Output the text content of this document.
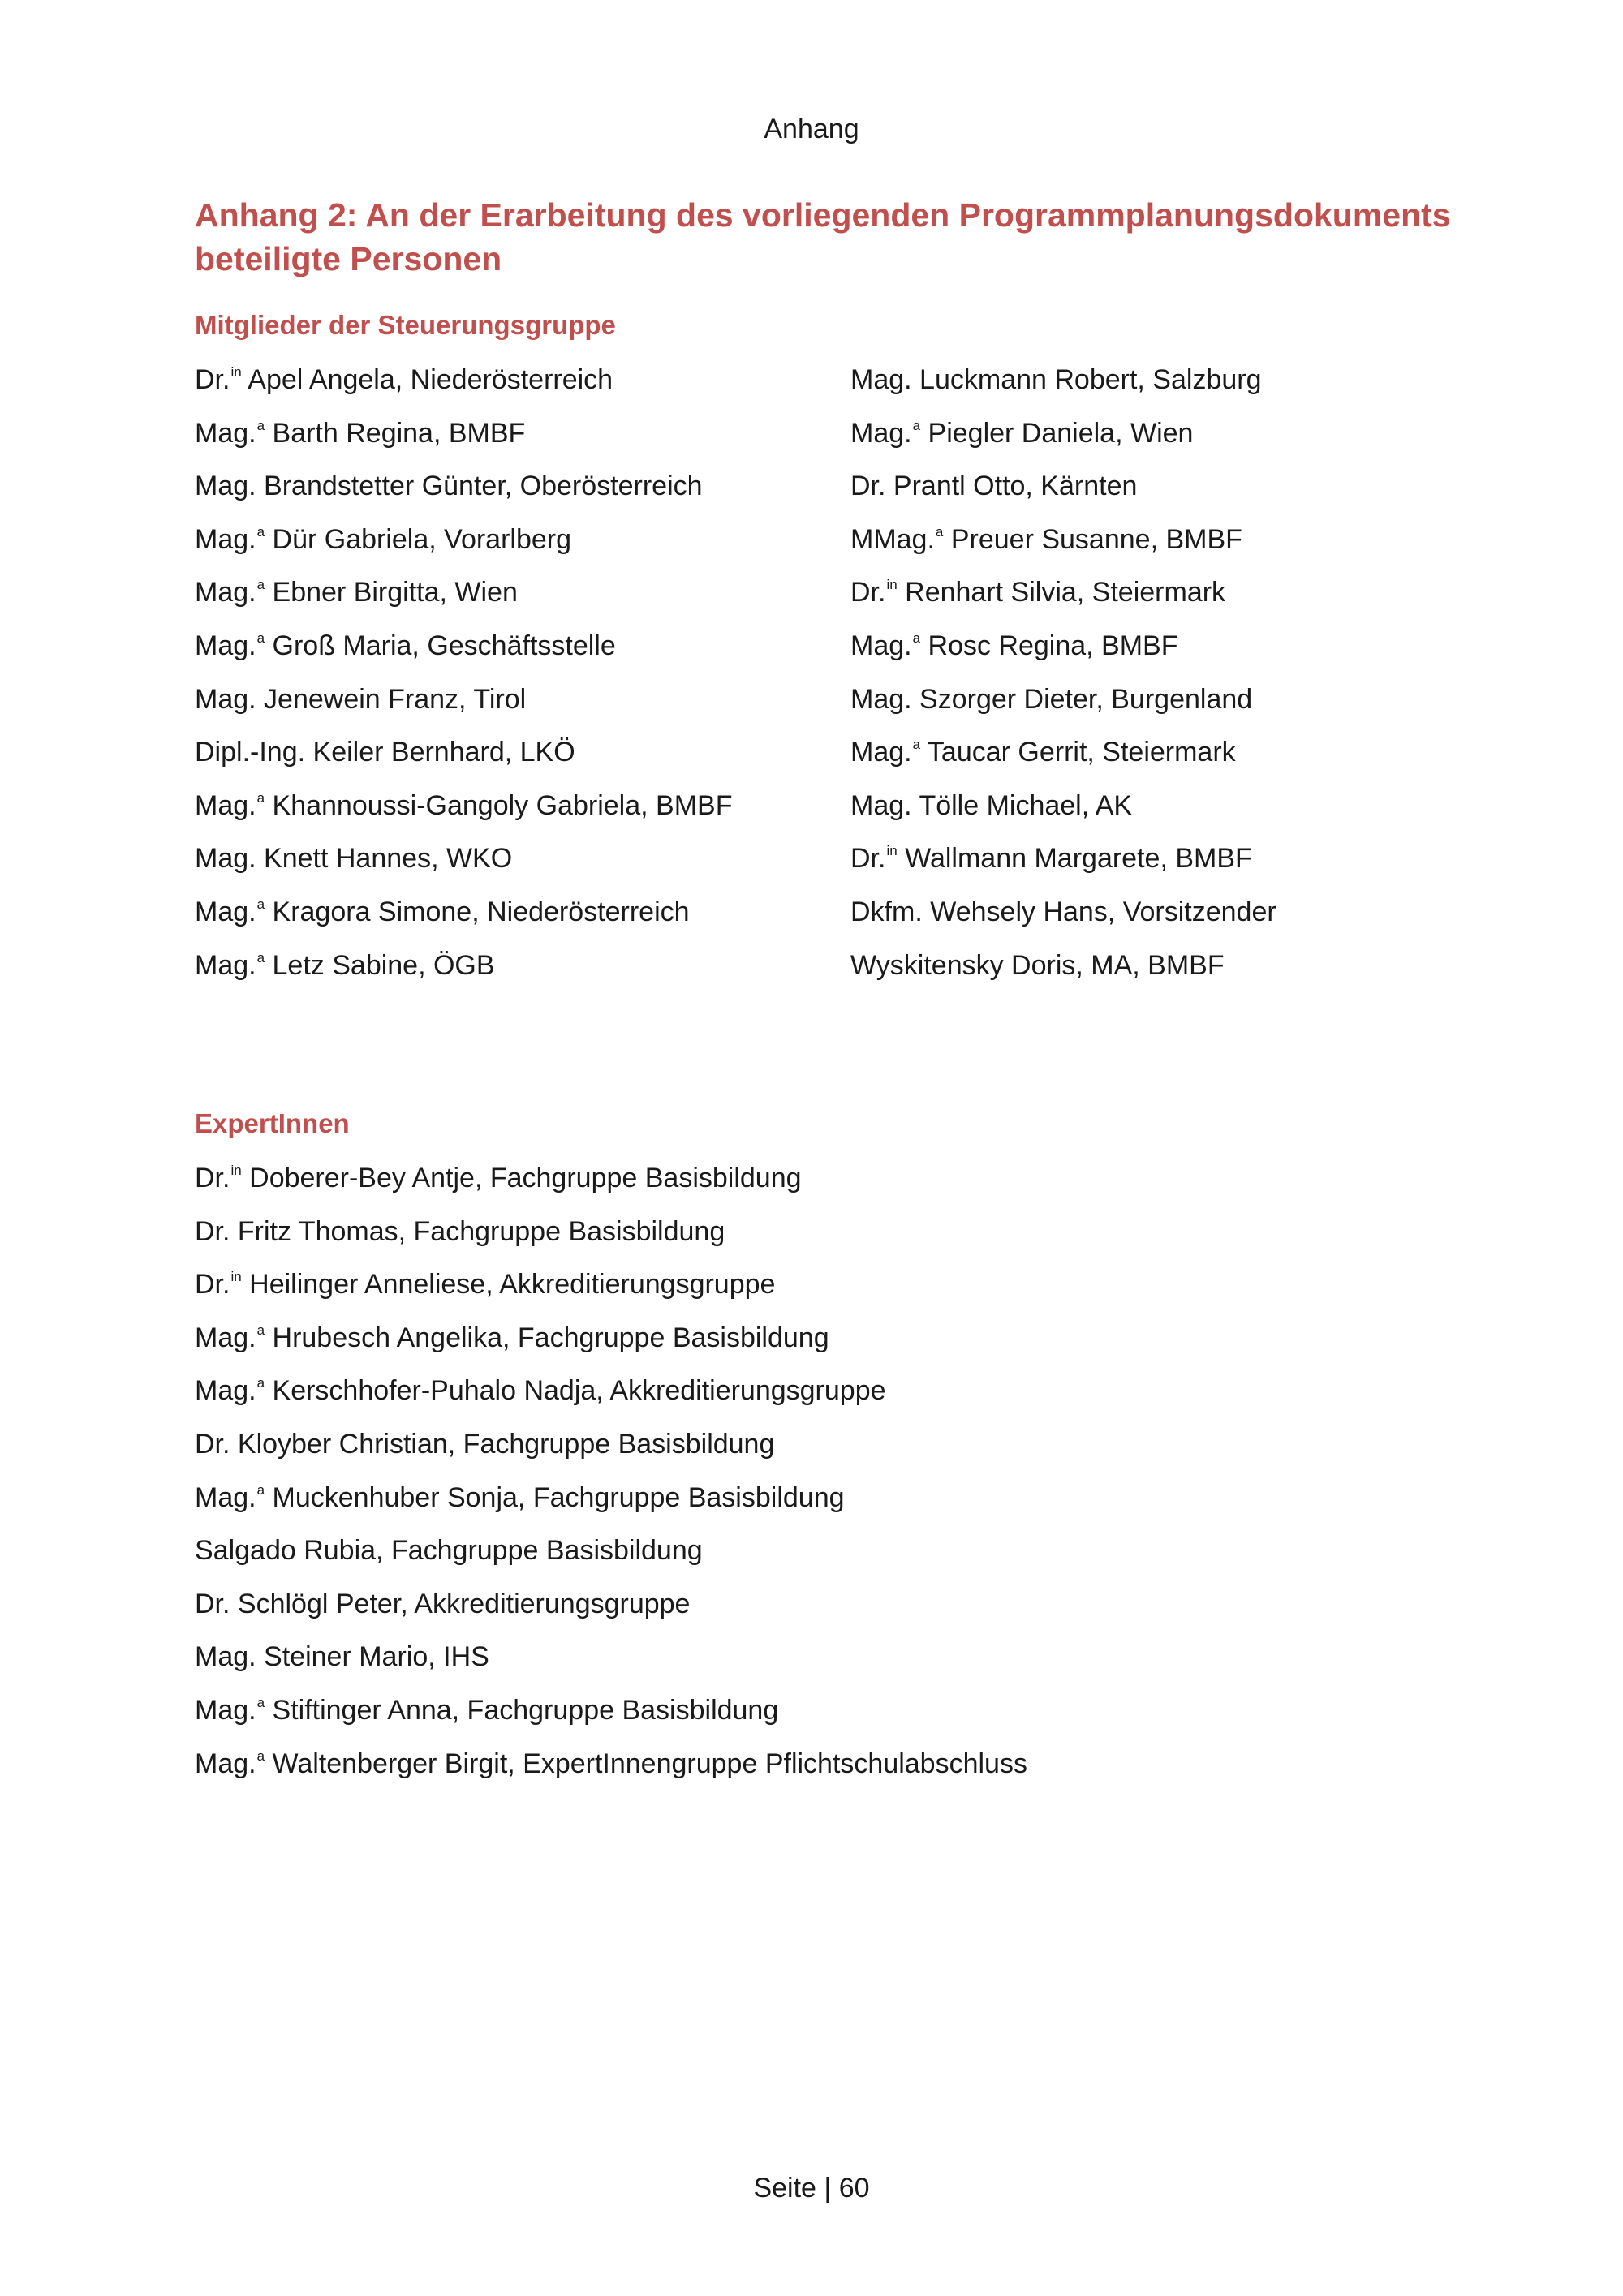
Anhang
Anhang 2: An der Erarbeitung des vorliegenden Programmplanungsdokuments beteiligte Personen
Mitglieder der Steuerungsgruppe
Dr.$^{in}$ Apel Angela, Niederösterreich
Mag.$^a$ Barth Regina, BMBF
Mag. Brandstetter Günter, Oberösterreich
Mag.$^a$ Dür Gabriela, Vorarlberg
Mag.$^a$ Ebner Birgitta, Wien
Mag.$^a$ Groß Maria, Geschäftsstelle
Mag. Jenewein Franz, Tirol
Dipl.-Ing. Keiler Bernhard, LKÖ
Mag.$^a$ Khannoussi-Gangoly Gabriela, BMBF
Mag. Knett Hannes, WKO
Mag.$^a$ Kragora Simone, Niederösterreich
Mag.$^a$ Letz Sabine, ÖGB
Mag. Luckmann Robert, Salzburg
Mag.$^a$ Piegler Daniela, Wien
Dr. Prantl Otto, Kärnten
MMag.$^a$ Preuer Susanne, BMBF
Dr.$^{in}$ Renhart Silvia, Steiermark
Mag.$^a$ Rosc Regina, BMBF
Mag. Szorger Dieter, Burgenland
Mag.$^a$ Taucar Gerrit, Steiermark
Mag. Tölle Michael, AK
Dr.$^{in}$ Wallmann Margarete, BMBF
Dkfm. Wehsely Hans, Vorsitzender
Wyskitensky Doris, MA, BMBF
ExpertInnen
Dr.$^{in}$ Doberer-Bey Antje, Fachgruppe Basisbildung
Dr. Fritz Thomas, Fachgruppe Basisbildung
Dr.$^{in}$ Heilinger Anneliese, Akkreditierungsgruppe
Mag.$^a$ Hrubesch Angelika, Fachgruppe Basisbildung
Mag.$^a$ Kerschhofer-Puhalo Nadja, Akkreditierungsgruppe
Dr. Kloyber Christian, Fachgruppe Basisbildung
Mag.$^a$ Muckenhuber Sonja, Fachgruppe Basisbildung
Salgado Rubia, Fachgruppe Basisbildung
Dr. Schlögl Peter, Akkreditierungsgruppe
Mag. Steiner Mario, IHS
Mag.$^a$ Stiftinger Anna, Fachgruppe Basisbildung
Mag.$^a$ Waltenberger Birgit, ExpertInnengruppe Pflichtschulabschluss
Seite | 60
